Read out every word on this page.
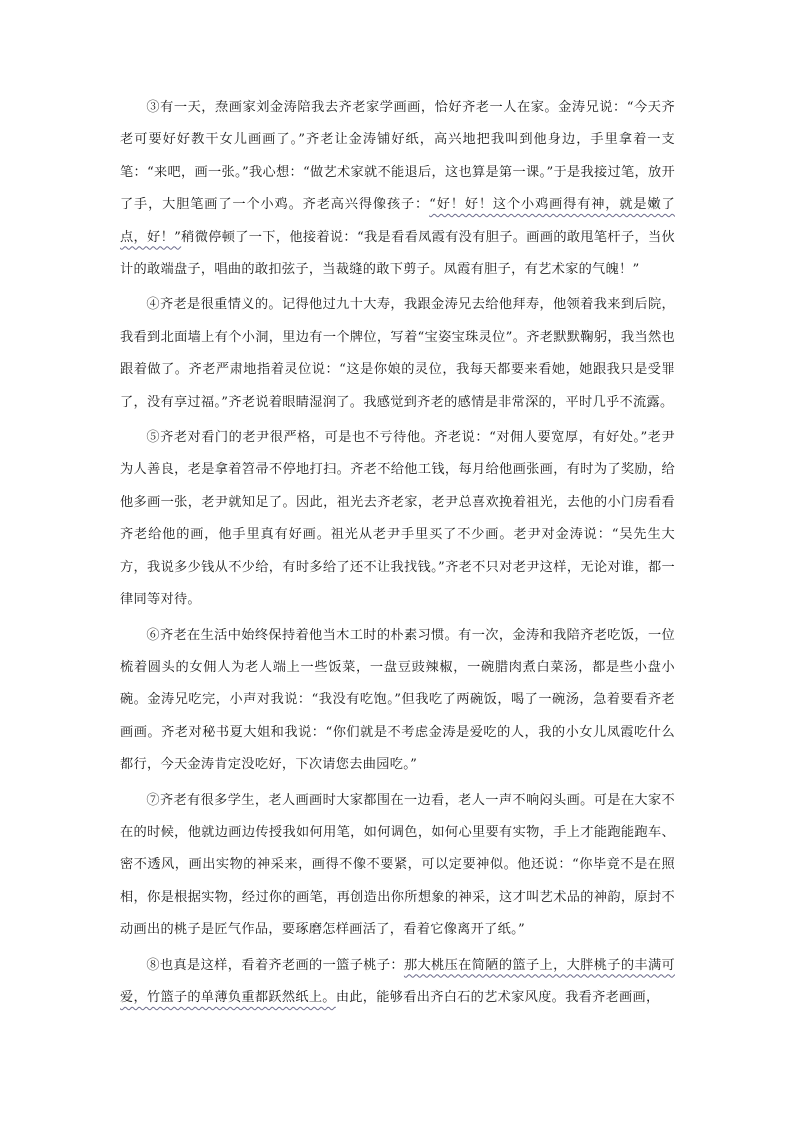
③有一天，焘画家刘金涛陪我去齐老家学画画，恰好齐老一人在家。金涛兄说：“今天齐老可要好好教干女儿画画了。”齐老让金涛铺好纸，高兴地把我叫到他身边，手里拿着一支笔：“来吧，画一张。”我心想：“做艺术家就不能退后，这也算是第一课。”于是我接过笔，放开了手，大胆笔画了一个小鸡。齐老高兴得像孩子：“好！好！这个小鸡画得有神，就是嫩了点，好！”稍微停顿了一下，他接着说：“我是看看凤霞有没有胆子。画画的敢甩笔杆子，当伙计的敢端盘子，唱曲的敢扣弦子，当裁缝的敢下剪子。凤霞有胆子，有艺术家的气魄！”

④齐老是很重情义的。记得他过九十大寿，我跟金涛兄去给他拜寿，他领着我来到后院，我看到北面墙上有个小洞，里边有一个牌位，写着“宝姿宝珠灵位”。齐老默默鞠躬，我当然也跟着做了。齐老严肃地指着灵位说：“这是你娘的灵位，我每天都要来看她，她跟我只是受罪了，没有享过福。”齐老说着眼睛湿润了。我感觉到齐老的感情是非常深的，平时几乎不流露。

⑤齐老对看门的老尹很严格，可是也不亏待他。齐老说：“对佣人要宽厚，有好处。”老尹为人善良，老是拿着笤帚不停地打扫。齐老不给他工钱，每月给他画张画，有时为了奖励，给他多画一张，老尹就知足了。因此，祖光去齐老家，老尹总喜欢挽着祖光，去他的小门房看看齐老给他的画，他手里真有好画。祖光从老尹手里买了不少画。老尹对金涛说：“吴先生大方，我说多少钱从不少给，有时多给了还不让我找钱。”齐老不只对老尹这样，无论对谁，都一律同等对待。

⑥齐老在生活中始终保持着他当木工时的朴素习惯。有一次，金涛和我陪齐老吃饭，一位梳着圆头的女佣人为老人端上一些饭菜，一盘豆豉辣椒，一碗腊肉煮白菜汤，都是些小盘小碗。金涛兄吃完，小声对我说：“我没有吃饱。”但我吃了两碗饭，喝了一碗汤，急着要看齐老画画。齐老对秘书夏大姐和我说：“你们就是不考虑金涛是爱吃的人，我的小女儿凤霞吃什么都行，今天金涛肯定没吃好，下次请您去曲园吃。”

⑦齐老有很多学生，老人画画时大家都围在一边看，老人一声不响闷头画。可是在大家不在的时候，他就边画边传授我如何用笔，如何调色，如何心里要有实物，手上才能跑能跑车、密不透风，画出实物的神采来，画得不像不要紧，可以定要神似。他还说：“你毕竟不是在照相，你是根据实物，经过你的画笔，再创造出你所想象的神采，这才叫艺术品的神韵，原封不动画出的桃子是匠气作品，要琢磨怎样画活了，看着它像离开了纸。”

⑧也真是这样，看着齐老画的一篮子桃子：那大桃压在简陋的篮子上，大胖桃子的丰满可爱，竹篮子的单薄负重都跃然纸上。由此，能够看出齐白石的艺术家风度。我看齐老画画，
